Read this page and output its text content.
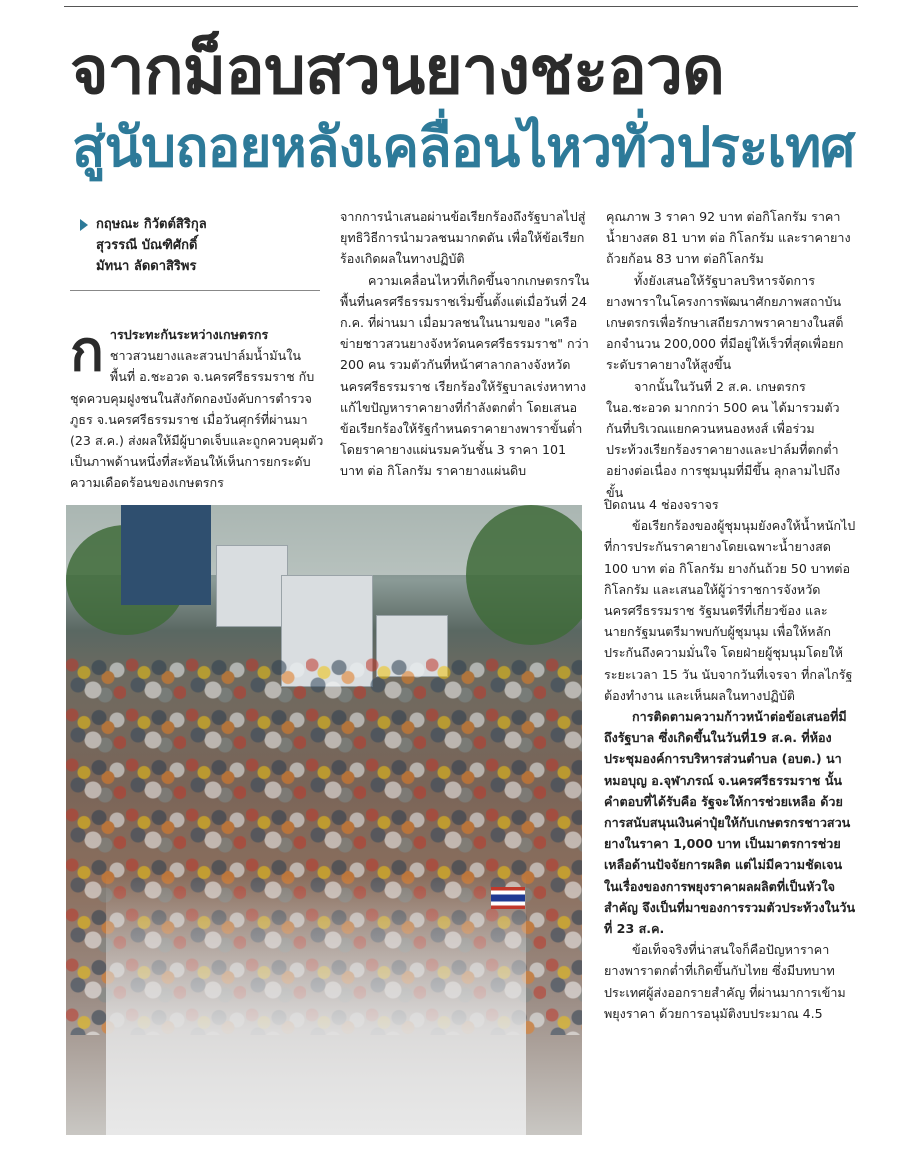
จากม็อบสวนยางชะอวด
สู่นับถอยหลังเคลื่อนไหวทั่วประเทศ
กฤษณะ กิวัตต์สิริกุล
สุวรรณี บัณฑิศักดิ์
มัทนา ลัดดาสิริพร
ก ารประทะกันระหว่างเกษตรกร
ชาวสวนยางและสวนปาล์มน้ำมันในพื้นที่ อ.ชะอวด จ.นครศรีธรรมราช กับชุดควบคุมฝูงชนในสังกัดกองบังคับการตำรวจภูธร จ.นครศรีธรรมราช เมื่อวันศุกร์ที่ผ่านมา (23 ส.ค.) ส่งผลให้มีผู้บาดเจ็บและถูกควบคุมตัว เป็นภาพด้านหนึ่งที่สะท้อนให้เห็นการยกระดับความเดือดร้อนของเกษตรกร

จากการนำเสนอผ่านข้อเรียกร้องถึงรัฐบาลไปสู่ยุทธิวิธีการนำมวลชนมากดดัน เพื่อให้ข้อเรียกร้องเกิดผลในทางปฏิบัติ

ความเคลื่อนไหวที่เกิดขึ้นจากเกษตรกรในพื้นที่นครศรีธรรมราชเริ่มขึ้นตั้งแต่เมื่อวันที่ 24 ก.ค. ที่ผ่านมา เมื่อมวลชนในนามของ "เครือข่ายชาวสวนยางจังหวัดนครศรีธรรมราช" กว่า 200 คน รวมตัวกันที่หน้าศาลากลางจังหวัดนครศรีธรรมราช เรียกร้องให้รัฐบาลเร่งหาทางแก้ไขปัญหาราคายางที่กำลังตกต่ำ โดยเสนอข้อเรียกร้องให้รัฐกำหนดราคายางพาราขั้นต่ำ โดยราคายางแผ่นรมควันชั้น 3 ราคา 101 บาท ต่อ กิโลกรัม ราคายางแผ่นดิบ

คุณภาพ 3 ราคา 92 บาท ต่อกิโลกรัม ราคาน้ำยางสด 81 บาท ต่อ กิโลกรัม และราคายางถ้วยก้อน 83 บาท ต่อกิโลกรัม

ทั้งยังเสนอให้รัฐบาลบริหารจัดการยางพาราในโครงการพัฒนาศักยภาพสถาบันเกษตรกรเพื่อรักษาเสถียรภาพราคายางในสต็อกจำนวน 200,000 ที่มีอยู่ให้เร็วที่สุดเพื่อยกระดับราคายางให้สูงขึ้น

จากนั้นในวันที่ 2 ส.ค. เกษตรกรในอ.ชะอวด มากกว่า 500 คน ได้มารวมตัวกันที่บริเวณแยกควนหนองหงส์ เพื่อร่วมประท้วงเรียกร้องราคายางและปาล์มที่ตกต่ำอย่างต่อเนื่อง การชุมนุมที่มีขึ้น ลุกลามไปถึงขั้น

ปิดถนน 4 ช่องจราจร

ข้อเรียกร้องของผู้ชุมนุมยังคงให้น้ำหนักไปที่การประกันราคายางโดยเฉพาะน้ำยางสด 100 บาท ต่อ กิโลกรัม ยางก้นถ้วย 50 บาทต่อกิโลกรัม และเสนอให้ผู้ว่าราชการจังหวัดนครศรีธรรมราช รัฐมนตรีที่เกี่ยวข้อง และนายกรัฐมนตรีมาพบกับผู้ชุมนุม เพื่อให้หลักประกันถึงความมั่นใจ โดยฝ่ายผู้ชุมนุมโดยให้ระยะเวลา 15 วัน นับจากวันที่เจรจา ที่กลไกรัฐต้องทำงาน และเห็นผลในทางปฏิบัติ

การติดตามความก้าวหน้าต่อข้อเสนอที่มีถึงรัฐบาล ซึ่งเกิดขึ้นในวันที่19 ส.ค. ที่ห้องประชุมองค์การบริหารส่วนตำบล (อบต.) นาหมอบุญ อ.จุฬาภรณ์ จ.นครศรีธรรมราช นั้น คำตอบที่ได้รับคือ รัฐจะให้การช่วยเหลือ ด้วยการสนับสนุนเงินค่าปุ๋ยให้กับเกษตรกรชาวสวนยางในราคา 1,000 บาท เป็นมาตรการช่วยเหลือด้านปัจจัยการผลิต แต่ไม่มีความชัดเจนในเรื่องของการพยุงราคาผลผลิตที่เป็นหัวใจสำคัญ จึงเป็นที่มาของการรวมตัวประท้วงในวันที่ 23 ส.ค.

ข้อเท็จจริงที่น่าสนใจก็คือปัญหาราคายางพาราตกต่ำที่เกิดขึ้นกับไทย ซึ่งมีบทบาทประเทศผู้ส่งออกรายสำคัญ ที่ผ่านมาการเข้ามพยุงราคา ด้วยการอนุมัติงบประมาณ 4.5
